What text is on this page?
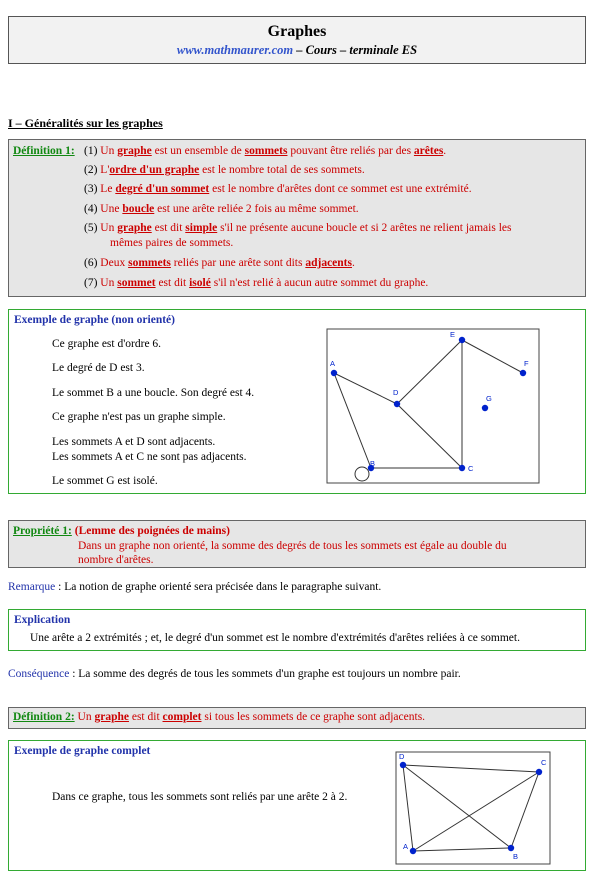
Graphes
www.mathmaurer.com – Cours – terminale ES
I – Généralités sur les graphes
Définition 1: (1) Un graphe est un ensemble de sommets pouvant être reliés par des arêtes.
(2) L'ordre d'un graphe est le nombre total de ses sommets.
(3) Le degré d'un sommet est le nombre d'arêtes dont ce sommet est une extrémité.
(4) Une boucle est une arête reliée 2 fois au même sommet.
(5) Un graphe est dit simple s'il ne présente aucune boucle et si 2 arêtes ne relient jamais les
mêmes paires de sommets.
(6) Deux sommets reliés par une arête sont dits adjacents.
(7) Un sommet est dit isolé s'il n'est relié à aucun autre sommet du graphe.
Exemple de graphe (non orienté)
Ce graphe est d'ordre 6.
Le degré de D est 3.
Le sommet B a une boucle. Son degré est 4.
Ce graphe n'est pas un graphe simple.
Les sommets A et D sont adjacents.
Les sommets A et C ne sont pas adjacents.
Le sommet G est isolé.
A
B
C
D
E
F
G
Propriété 1: (Lemme des poignées de mains)
Dans un graphe non orienté, la somme des degrés de tous les sommets est égale au double du
nombre d'arêtes.
Remarque : La notion de graphe orienté sera précisée dans le paragraphe suivant.
Explication
Une arête a 2 extrémités ; et, le degré d'un sommet est le nombre d'extrémités d'arêtes reliées à ce sommet.
Conséquence : La somme des degrés de tous les sommets d'un graphe est toujours un nombre pair.
Définition 2: Un graphe est dit complet si tous les sommets de ce graphe sont adjacents.
Exemple de graphe complet
Dans ce graphe, tous les sommets sont reliés par une arête 2 à 2.
D
C
A
B
